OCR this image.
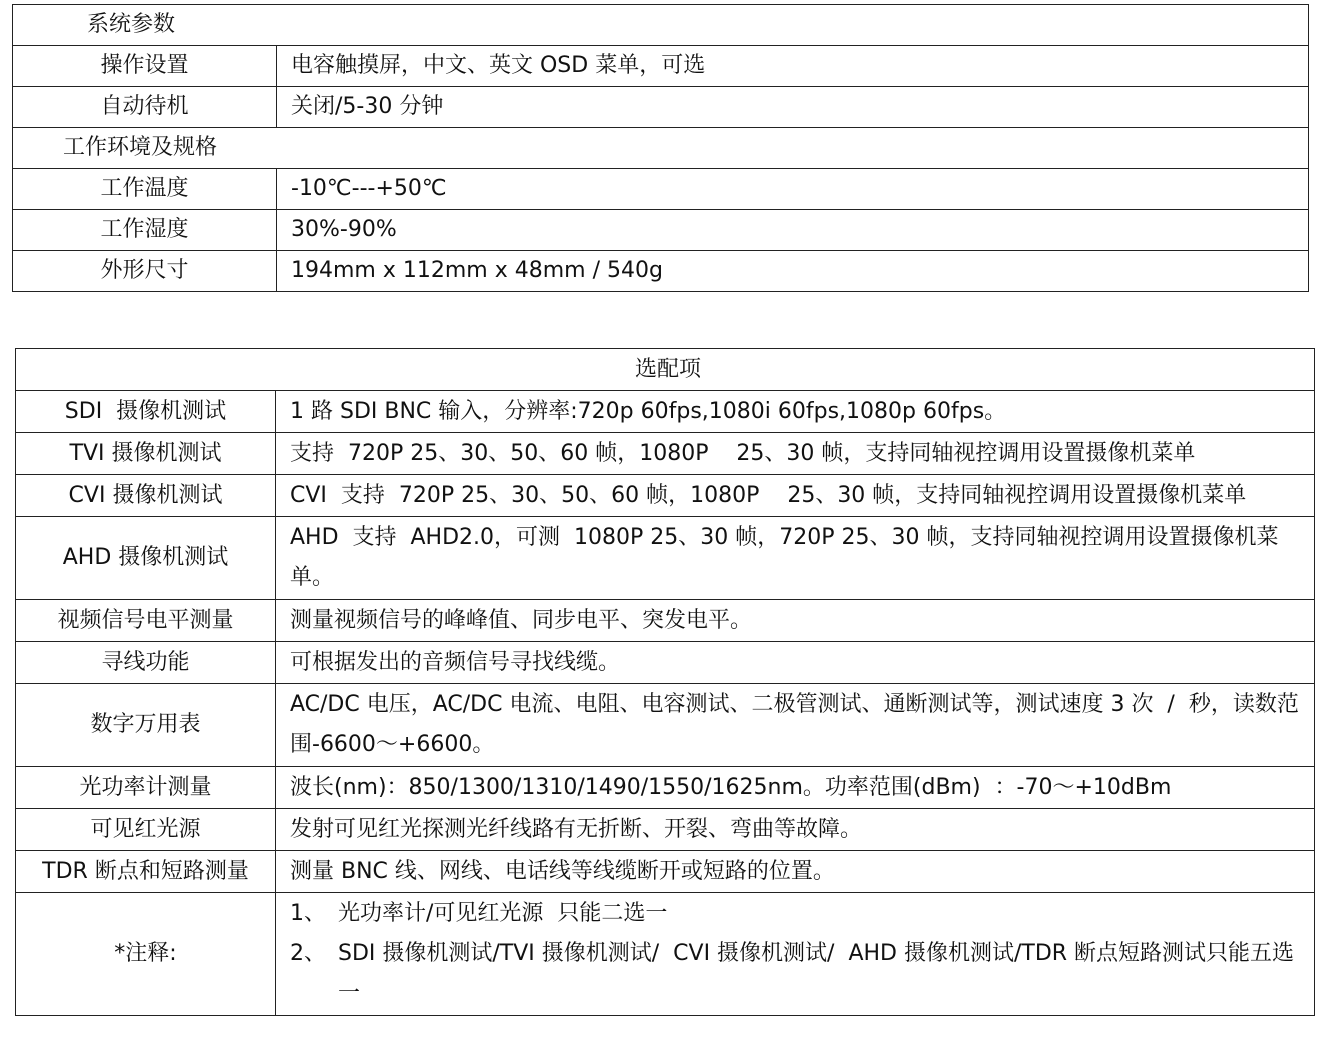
系统参数	
操作设置	电容触摸屏，中文、英文 OSD 菜单，可选
自动待机	关闭/5-30 分钟
工作环境及规格	
工作温度	-10℃---+50℃
工作湿度	30%-90%
外形尺寸	194mm x 112mm x 48mm / 540g
选配项	
SDI  摄像机测试	1 路 SDI BNC 输入，分辨率:720p 60fps,1080i 60fps,1080p 60fps。
TVI 摄像机测试	支持  720P 25、30、50、60 帧，1080P    25、30 帧，支持同轴视控调用设置摄像机菜单
CVI 摄像机测试	CVI  支持  720P 25、30、50、60 帧，1080P    25、30 帧，支持同轴视控调用设置摄像机菜单
AHD 摄像机测试	AHD  支持  AHD2.0，可测  1080P 25、30 帧，720P 25、30 帧，支持同轴视控调用设置摄像机菜单。
视频信号电平测量	测量视频信号的峰峰值、同步电平、突发电平。
寻线功能	可根据发出的音频信号寻找线缆。
数字万用表	AC/DC 电压，AC/DC 电流、电阻、电容测试、二极管测试、通断测试等，测试速度 3 次  /  秒，读数范围-6600～+6600。
光功率计测量	波长(nm)：850/1300/1310/1490/1550/1625nm。功率范围(dBm)  ：-70～+10dBm
可见红光源	发射可见红光探测光纤线路有无折断、开裂、弯曲等故障。
TDR 断点和短路测量	测量 BNC 线、网线、电话线等线缆断开或短路的位置。
*注释:	1、 光功率计/可见红光源  只能二选一
2、 SDI 摄像机测试/TVI 摄像机测试/  CVI 摄像机测试/  AHD 摄像机测试/TDR 断点短路测试只能五选一
